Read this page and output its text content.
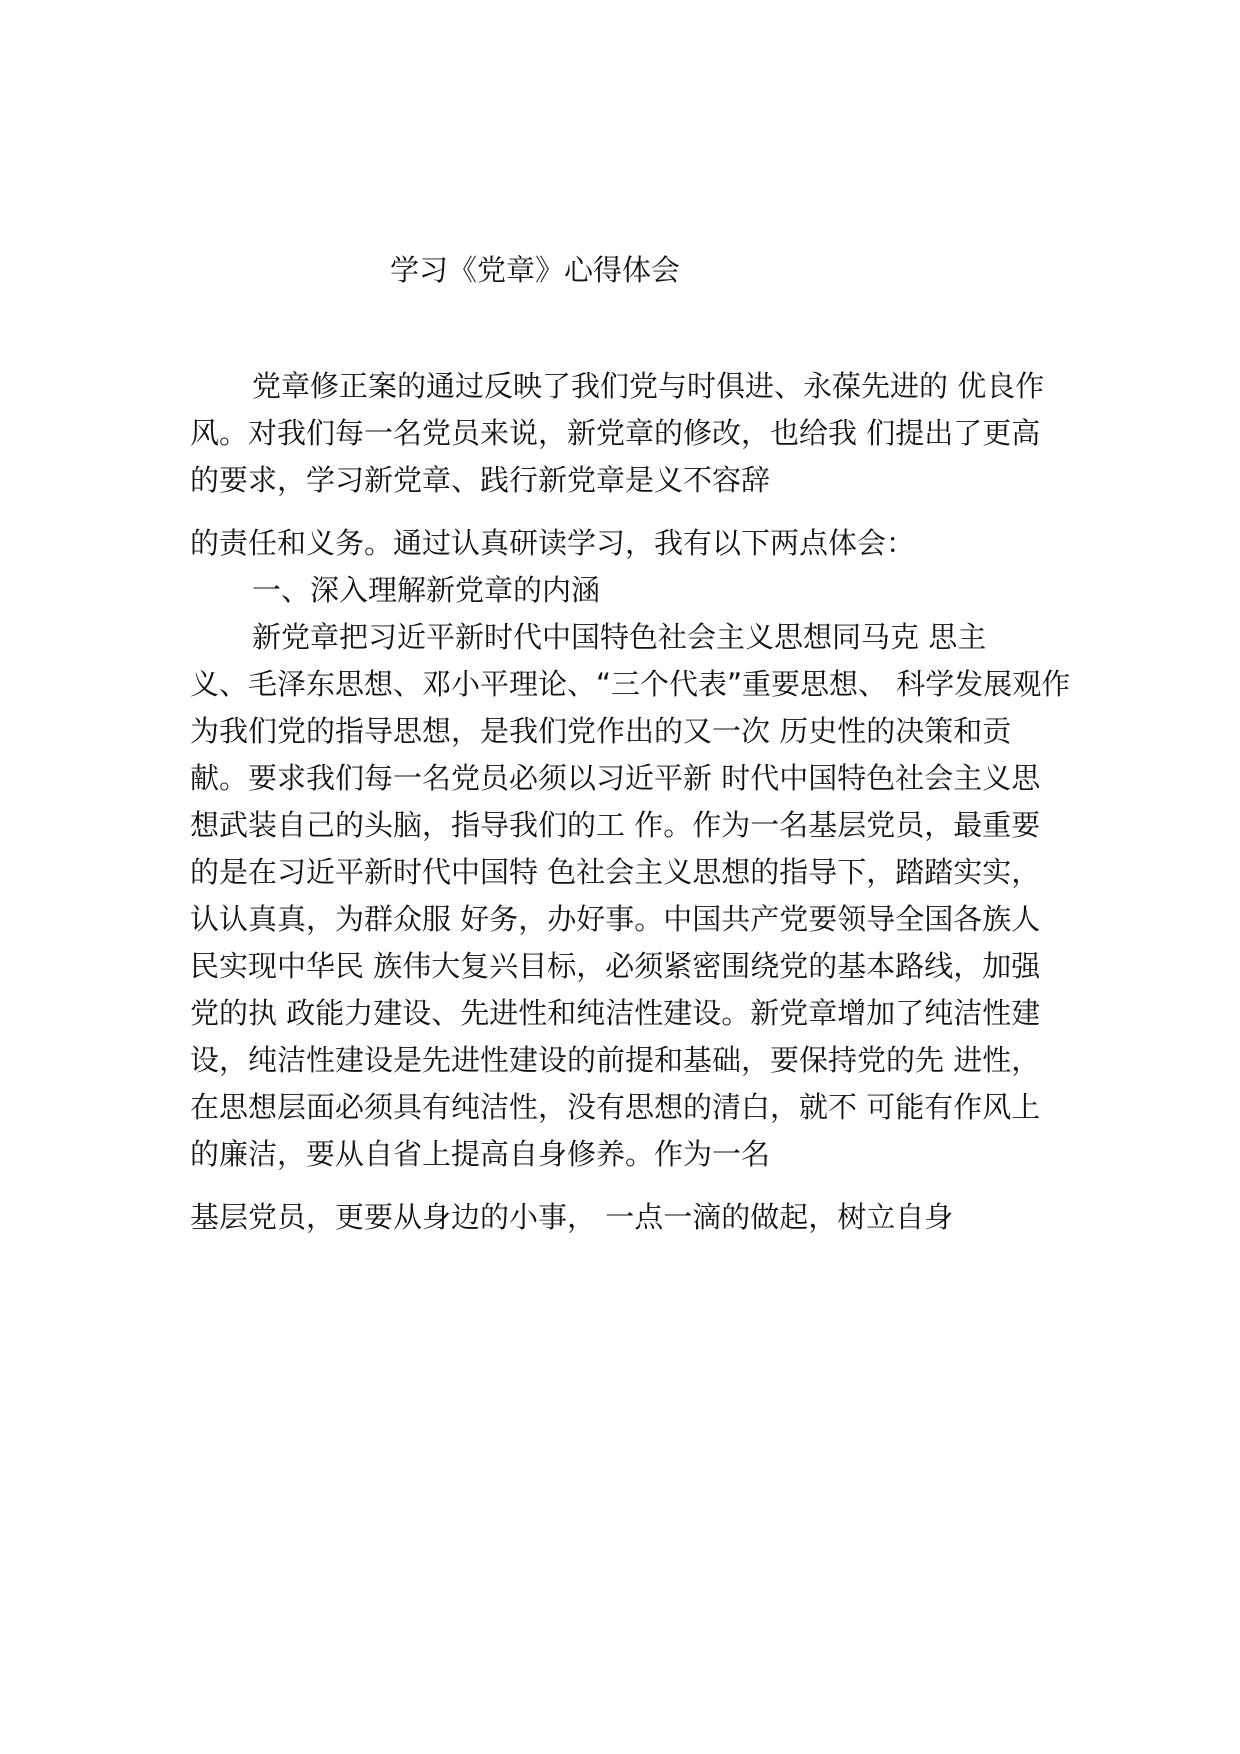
学习《党章》心得体会
党章修正案的通过反映了我们党与时俱进、永葆先进的 优良作
风。对我们每一名党员来说，新党章的修改，也给我 们提出了更高
的要求，学习新党章、践行新党章是义不容辞
的责任和义务。通过认真研读学习，我有以下两点体会：
一、深入理解新党章的内涵
新党章把习近平新时代中国特色社会主义思想同马克 思主
义、毛泽东思想、邓小平理论、“三个代表”重要思想、 科学发展观作
为我们党的指导思想，是我们党作出的又一次 历史性的决策和贡
献。要求我们每一名党员必须以习近平新 时代中国特色社会主义思
想武装自己的头脑，指导我们的工 作。作为一名基层党员，最重要
的是在习近平新时代中国特 色社会主义思想的指导下，踏踏实实，
认认真真，为群众服 好务，办好事。中国共产党要领导全国各族人
民实现中华民 族伟大复兴目标，必须紧密围绕党的基本路线，加强
党的执 政能力建设、先进性和纯洁性建设。新党章增加了纯洁性建
设，纯洁性建设是先进性建设的前提和基础，要保持党的先 进性，
在思想层面必须具有纯洁性，没有思想的清白，就不 可能有作风上
的廉洁，要从自省上提高自身修养。作为一名
基层党员，更要从身边的小事， 一点一滴的做起，树立自身
